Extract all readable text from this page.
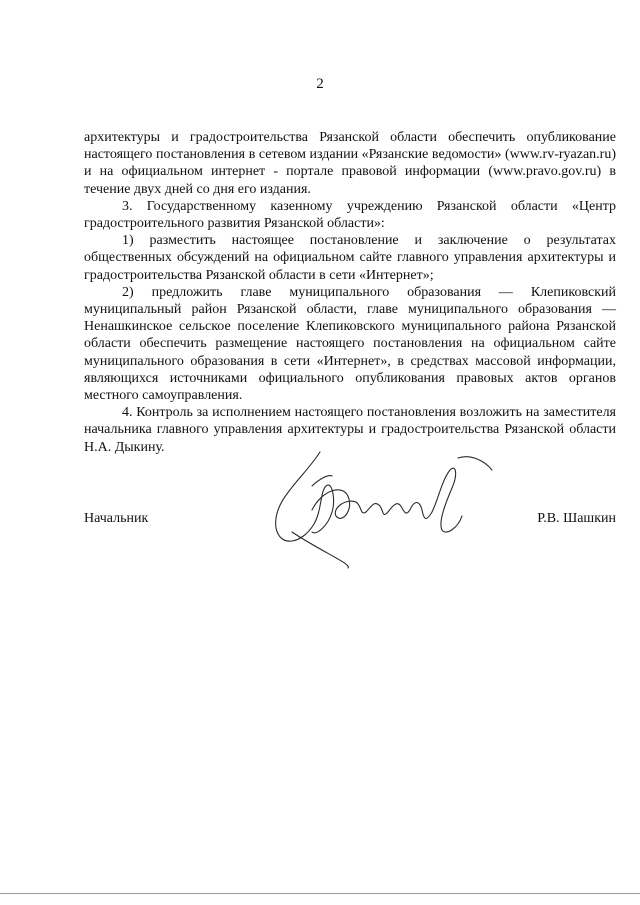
2

архитектуры и градостроительства Рязанской области обеспечить опубликование настоящего постановления в сетевом издании «Рязанские ведомости» (www.rv-ryazan.ru) и на официальном интернет - портале правовой информации (www.pravo.gov.ru) в течение двух дней со дня его издания.

3. Государственному казенному учреждению Рязанской области «Центр градостроительного развития Рязанской области»:

1) разместить настоящее постановление и заключение о результатах общественных обсуждений на официальном сайте главного управления архитектуры и градостроительства Рязанской области в сети «Интернет»;

2) предложить главе муниципального образования — Клепиковский муниципальный район Рязанской области, главе муниципального образования — Ненашкинское сельское поселение Клепиковского муниципального района Рязанской области обеспечить размещение настоящего постановления на официальном сайте муниципального образования в сети «Интернет», в средствах массовой информации, являющихся источниками официального опубликования правовых актов органов местного самоуправления.

4. Контроль за исполнением настоящего постановления возложить на заместителя начальника главного управления архитектуры и градостроительства Рязанской области Н.А. Дыкину.

Начальник	Р.В. Шашкин
